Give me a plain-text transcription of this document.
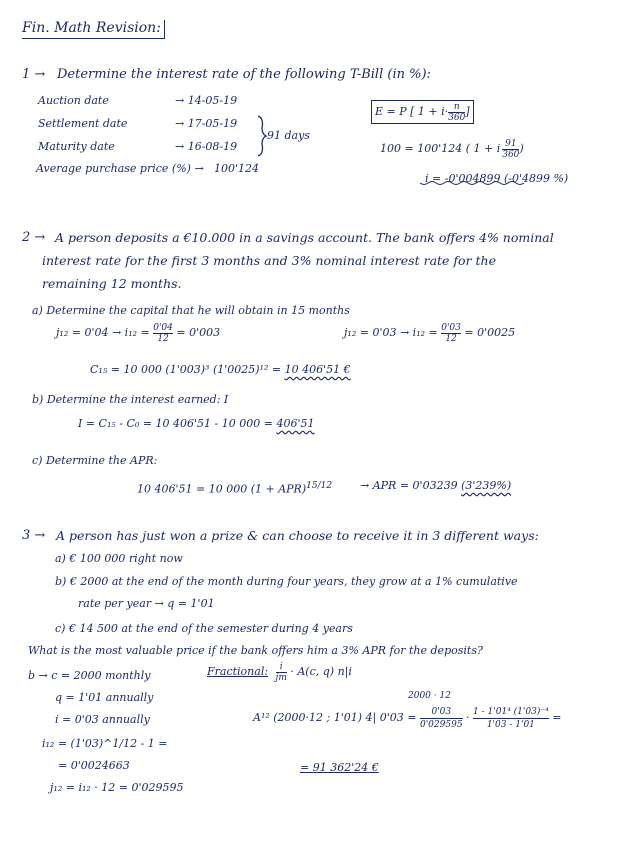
Fin. Math Revision:
1 → Determine the interest rate of the following T-Bill (in %):
Auction date	→ 14-05-19
Settlement date	→ 17-05-19
Maturity date	→ 16-08-19
Average purchase price (%) → 100'124
91 days
E = P [ $1 + i\cdot \frac{n}{360}$ ]
100 = 100'124 ( 1 + i $\frac{91}{360}$ )
i = -0'004899 (-0'4899 %)
2 → A person deposits a €10.000 in a savings account. The bank offers 4% nominal
interest rate for the first 3 months and 3% nominal interest rate for the
remaining 12 months.
a) Determine the capital that he will obtain in 15 months
$j_{12} = 0'04 \to i_{12} = \frac{0'04}{12} = 0'003$	$j_{12} = 0'03 \to i_{12} = \frac{0'03}{12} = 0'0025$
C₁₅ = 10 000 (1'003)³ (1'0025)¹² = 10 406'51 €
b) Determine the interest earned: I
I = C₁₅ - C₀ = 10 406'51 - 10 000 = 406'51
c) Determine the APR:
10 406'51 = 10 000 (1 + APR)$^{15/12}$	→ APR = 0'03239 (3'239%)
3 → A person has just won a prize & can choose to receive it in 3 different ways:
a) € 100 000 right now
b) € 2000 at the end of the month during four years, they grow at a 1% cumulative
rate per year → q = 1'01
c) € 14 500 at the end of the semester during 4 years
What is the most valuable price if the bank offers him a 3% APR for the deposits?
b → c = 2000 monthly
q = 1'01 annually
i = 0'03 annually
i₁₂ = (1'03)^1/12 - 1 =
= 0'0024663
j₁₂ = i₁₂ · 12 = 0'029595
Fractional: $\frac{i}{jm} \cdot A(c$, q) n|i
2000 · 12
A¹² (2000·12 ; 1'01) 4| $0'03 = \frac{0'03}{0'029595} \cdot \frac{\text{1 - 1'01⁴ (1'03)⁻⁴}}{1'03 - 1'01}$ =
= 91 362'24 €
